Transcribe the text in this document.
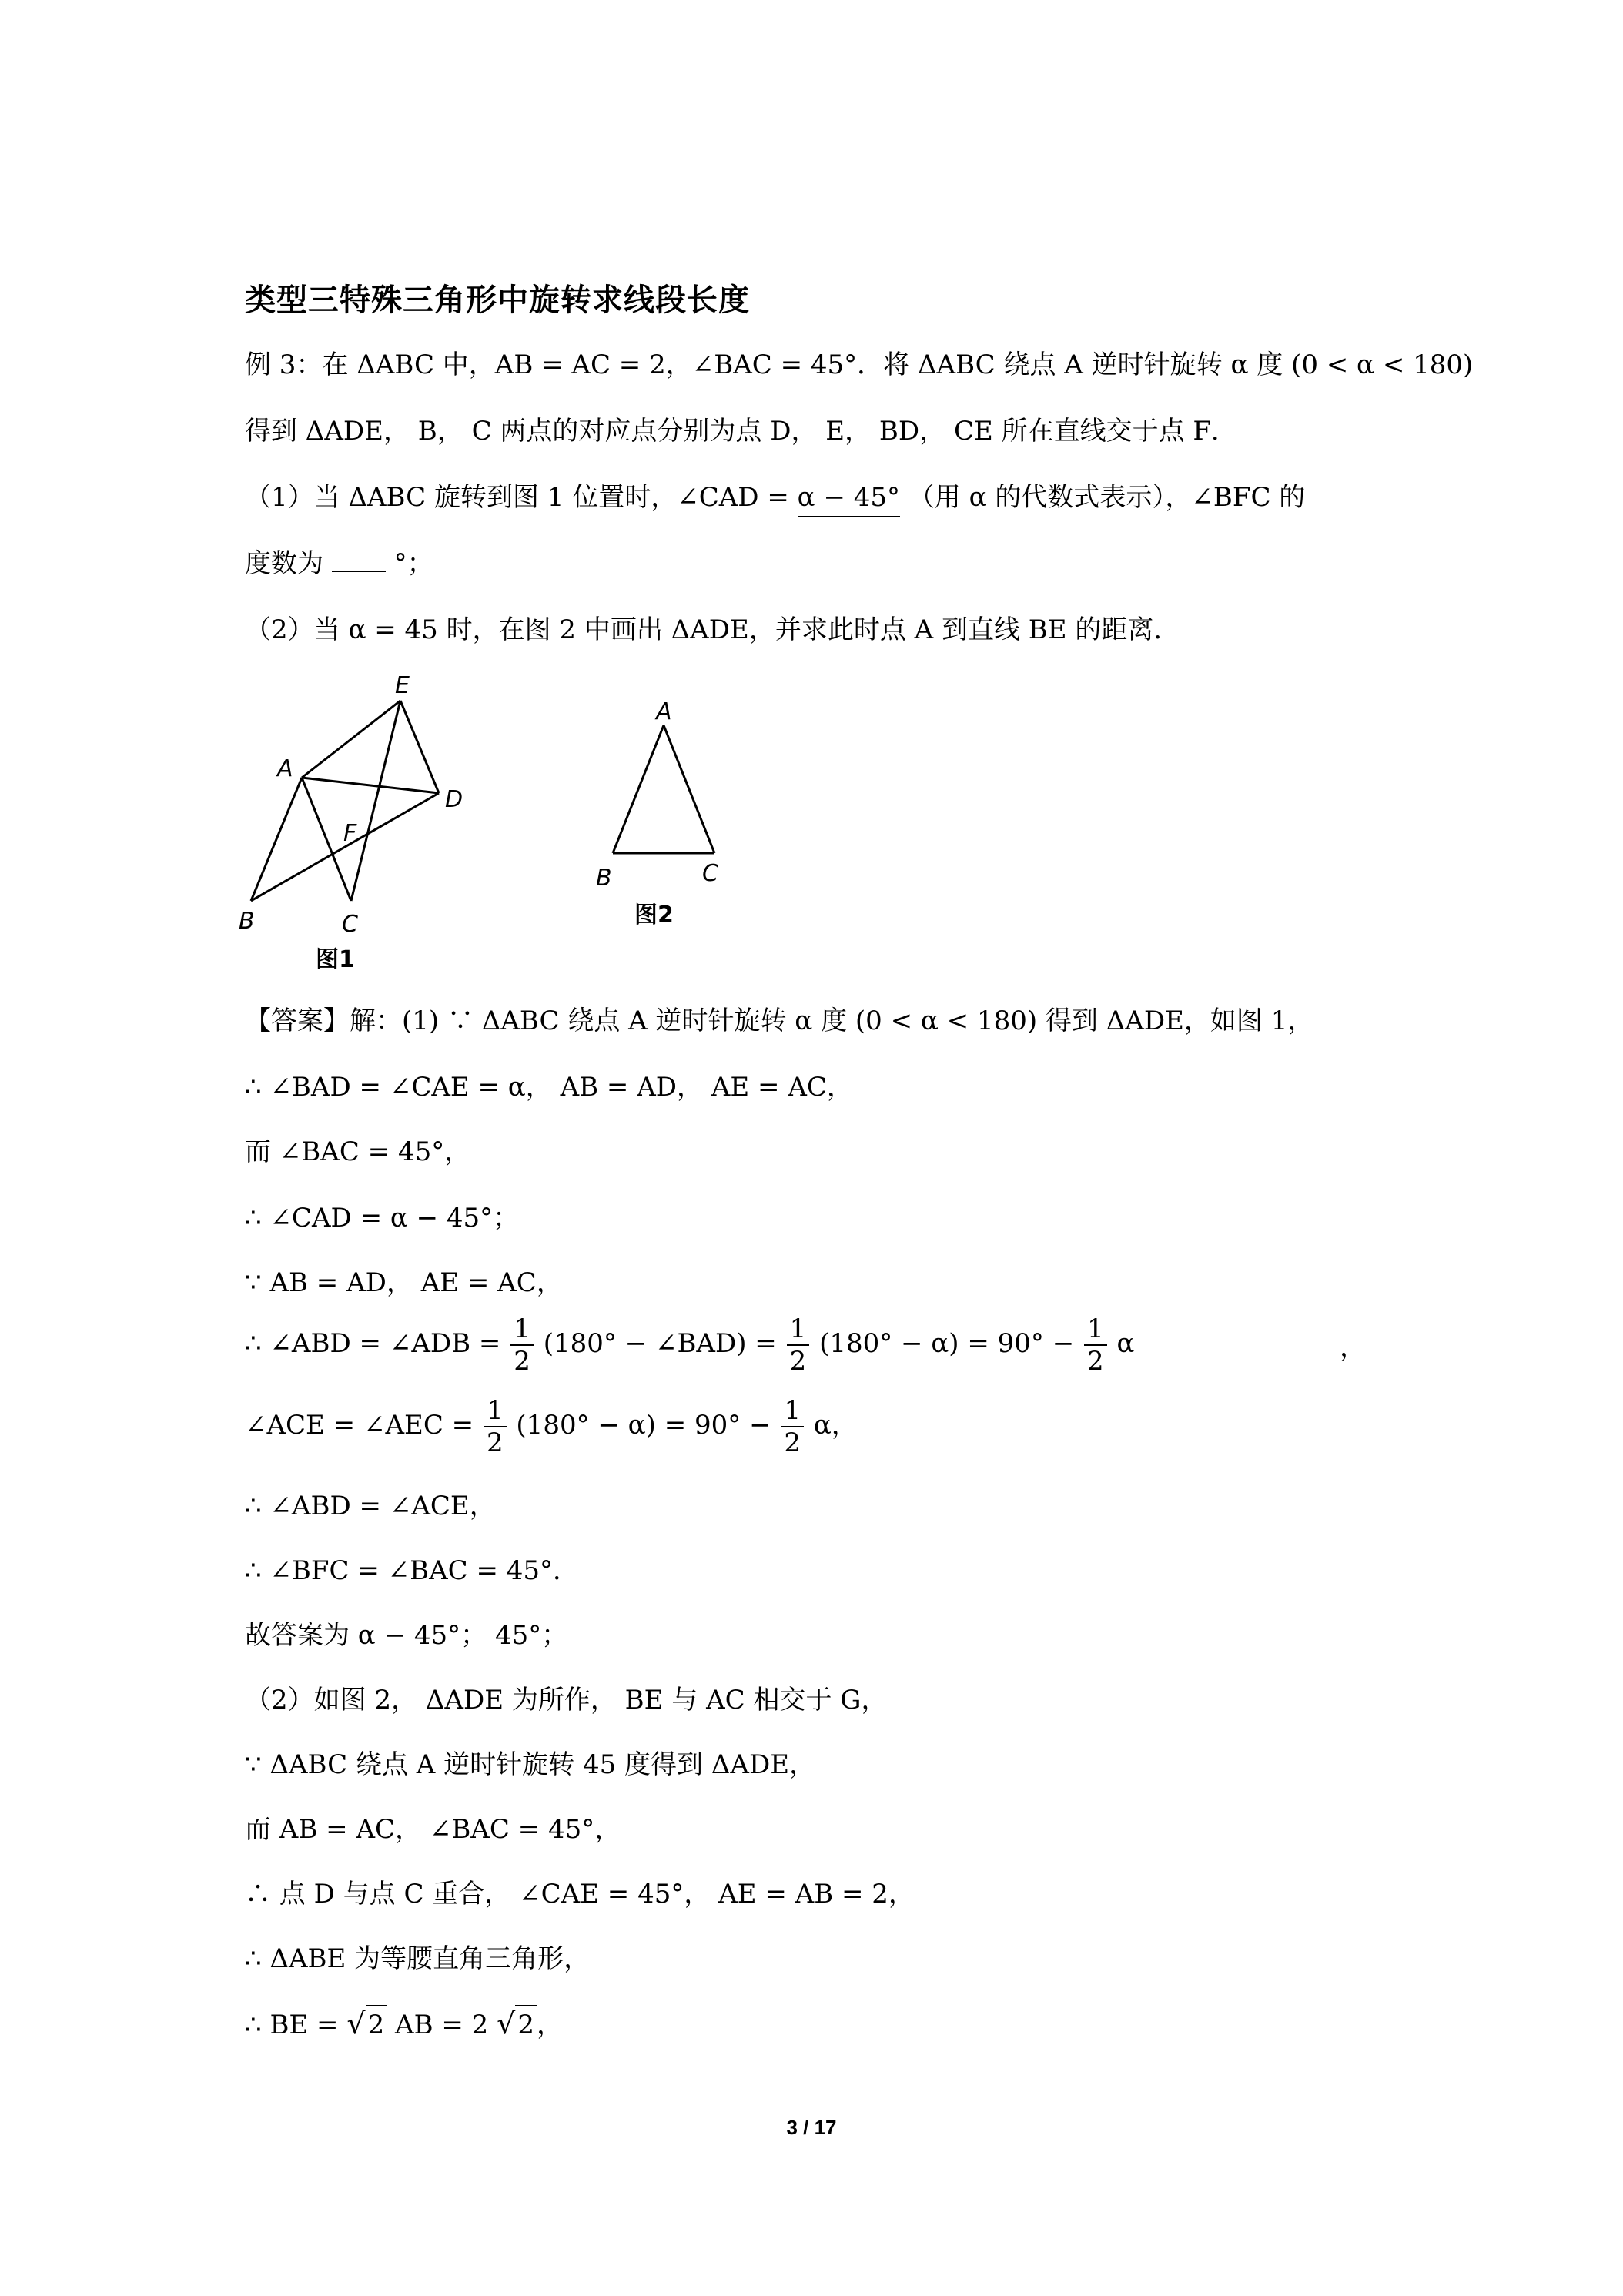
类型三特殊三角形中旋转求线段长度
例 3：在 ΔABC 中，AB = AC = 2，∠BAC = 45°．将 ΔABC 绕点 A 逆时针旋转 α 度 (0 < α < 180)
得到 ΔADE， B， C 两点的对应点分别为点 D， E， BD， CE 所在直线交于点 F．
（1）当 ΔABC 旋转到图 1 位置时，∠CAD = α − 45° （用 α 的代数式表示），∠BFC 的
度数为	°；
（2）当 α = 45 时，在图 2 中画出 ΔADE，并求此时点 A 到直线 BE 的距离．
E
A
D
F
B	C
图1
A
B	C
图2
【答案】解：(1) ∵ ΔABC 绕点 A 逆时针旋转 α 度 (0 < α < 180) 得到 ΔADE，如图 1，
∴ ∠BAD = ∠CAE = α， AB = AD， AE = AC，
而 ∠BAC = 45°，
∴ ∠CAD = α − 45°；
∵ AB = AD， AE = AC，
∴ ∠ABD = ∠ADB = $\frac{1}{2} (180^\circ$ − ∠BAD) = $\frac{1}{2} (180^\circ - \alpha) = 90^\circ - \frac{1}{2}$ α	，
∠ACE = ∠AEC = $\frac{1}{2} (180^\circ - \alpha) = 90^\circ - \frac{1}{2}$ α，
∴ ∠ABD = ∠ACE，
∴ ∠BFC = ∠BAC = 45°．
故答案为 α − 45°； 45°；
（2）如图 2， ΔADE 为所作， BE 与 AC 相交于 G，
∵ ΔABC 绕点 A 逆时针旋转 45 度得到 ΔADE，
而 AB = AC， ∠BAC = 45°，
∴ 点 D 与点 C 重合， ∠CAE = 45°， AE = AB = 2，
∴ ΔABE 为等腰直角三角形，
∴ BE = √2 AB = 2 √2，
3 / 17
